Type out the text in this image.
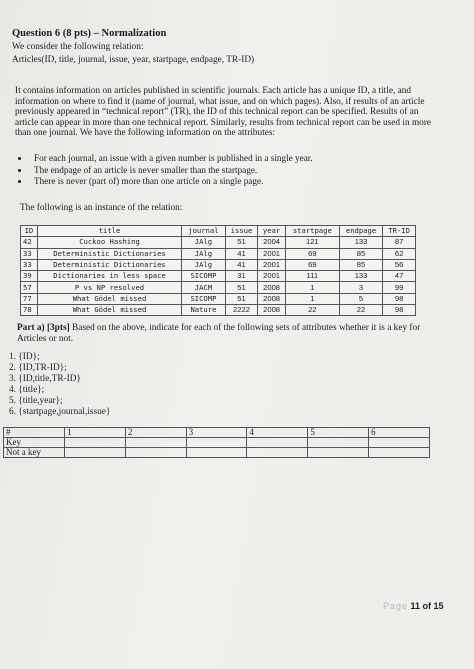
Question 6 (8 pts) – Normalization
We consider the following relation:
Articles(ID, title, journal, issue, year, startpage, endpage, TR-ID)
It contains information on articles published in scientific journals. Each article has a unique ID, a title, and information on where to find it (name of journal, what issue, and on which pages). Also, if results of an article previously appeared in “technical report” (TR), the ID of this technical report can be specified. Results of an article can appear in more than one technical report. Similarly, results from technical report can be used in more than one journal. We have the following information on the attributes:
• For each journal, an issue with a given number is published in a single year.
• The endpage of an article is never smaller than the startpage.
• There is never (part of) more than one article on a single page.
The following is an instance of the relation:
ID	title	journal	issue	year	startpage	endpage	TR-ID
42	Cuckoo Hashing	JAlg	51	2004	121	133	87
33	Deterministic Dictionaries	JAlg	41	2001	69	85	62
33	Deterministic Dictionaries	JAlg	41	2001	69	85	56
39	Dictionaries in less space	SICOMP	31	2001	111	133	47
57	P vs NP resolved	JACM	51	2008	1	3	99
77	What Gödel missed	SICOMP	51	2008	1	5	98
78	What Gödel missed	Nature	2222	2008	22	22	98
Part a) [3pts] Based on the above, indicate for each of the following sets of attributes whether it is a key for Articles or not.
1. {ID};
2. {ID,TR-ID};
3. {ID,title,TR-ID}
4. {title};
5. {title,year};
6. {startpage,journal,issue}
#	1	2	3	4	5	6
Key						
Not a key						
Page 11 of 15
